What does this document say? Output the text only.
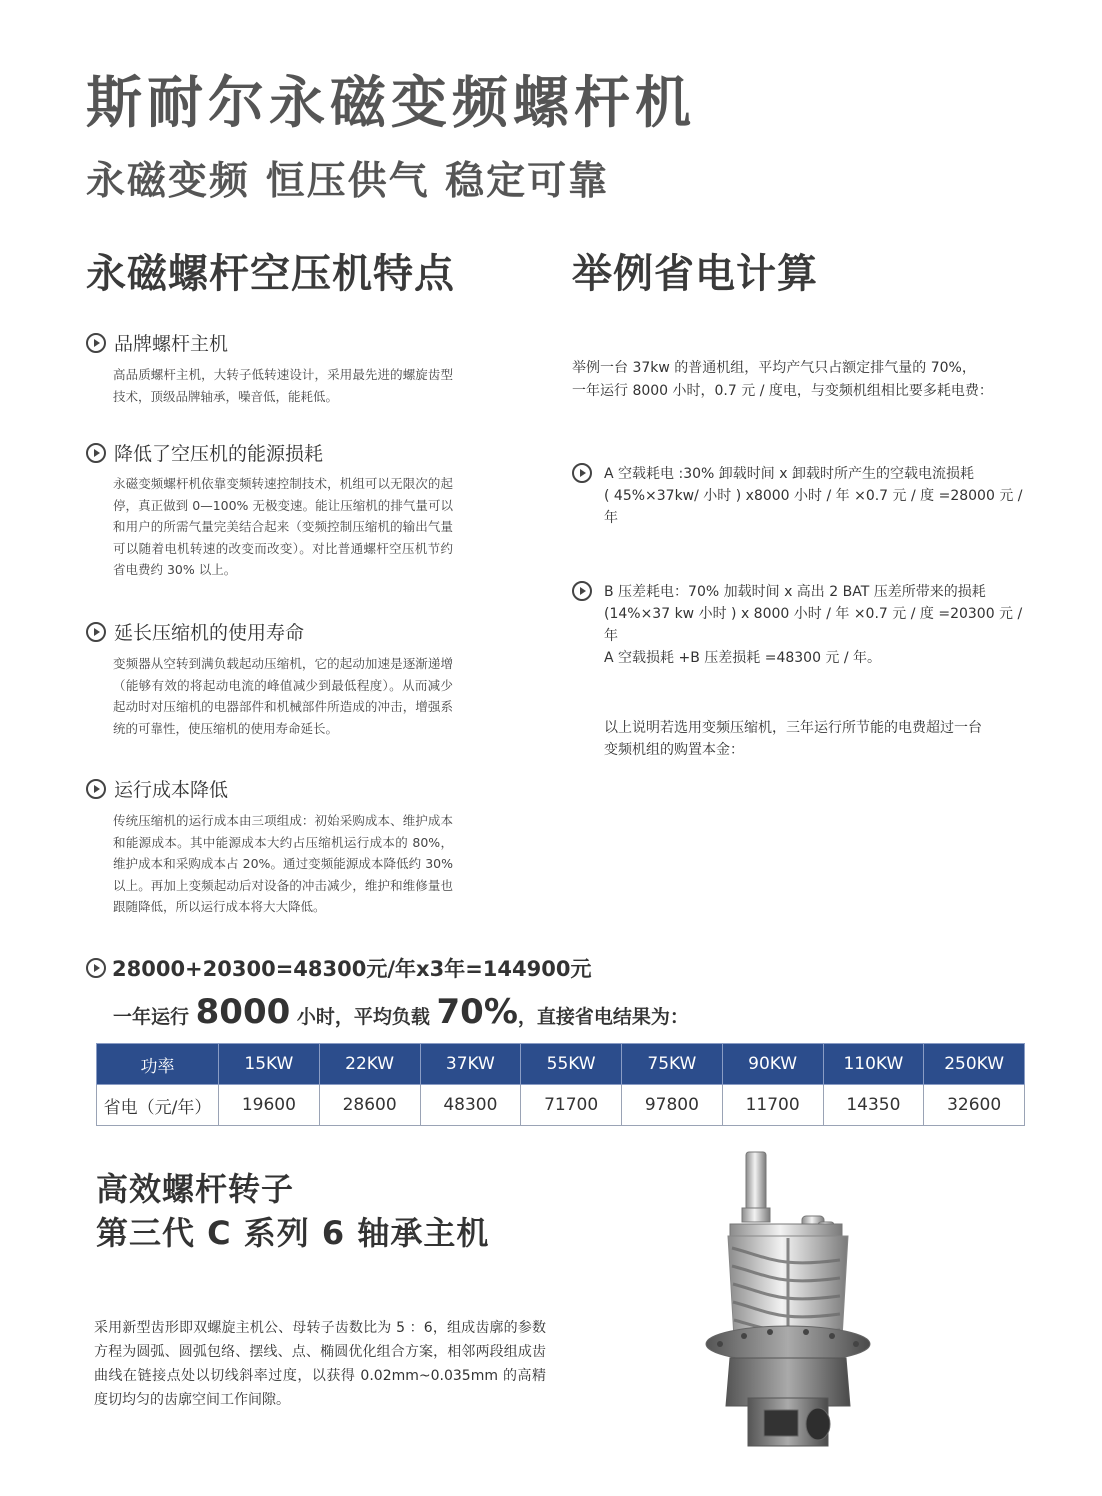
斯耐尔永磁变频螺杆机
永磁变频 恒压供气 稳定可靠
永磁螺杆空压机特点
品牌螺杆主机

高品质螺杆主机，大转子低转速设计，采用最先进的螺旋齿型技术，顶级品牌轴承，噪音低，能耗低。

降低了空压机的能源损耗

永磁变频螺杆机依靠变频转速控制技术，机组可以无限次的起停，真正做到 0—100% 无极变速。能让压缩机的排气量可以和用户的所需气量完美结合起来（变频控制压缩机的输出气量可以随着电机转速的改变而改变）。对比普通螺杆空压机节约省电费约 30% 以上。

延长压缩机的使用寿命

变频器从空转到满负载起动压缩机，它的起动加速是逐渐递增（能够有效的将起动电流的峰值减少到最低程度）。从而减少起动时对压缩机的电器部件和机械部件所造成的冲击，增强系统的可靠性，使压缩机的使用寿命延长。

运行成本降低

传统压缩机的运行成本由三项组成：初始采购成本、维护成本和能源成本。其中能源成本大约占压缩机运行成本的 80%，维护成本和采购成本占 20%。通过变频能源成本降低约 30% 以上。再加上变频起动后对设备的冲击减少，维护和维修量也跟随降低，所以运行成本将大大降低。

举例省电计算

举例一台 37kw 的普通机组，平均产气只占额定排气量的 70%，

一年运行 8000 小时，0.7 元 / 度电，与变频机组相比要多耗电费：

A 空载耗电 :30% 卸载时间 x 卸载时所产生的空载电流损耗
( 45%×37kw/ 小时 ) x8000 小时 / 年 ×0.7 元 / 度 =28000 元 / 年
B 压差耗电：70% 加载时间 x 高出 2 BAT 压差所带来的损耗
(14%×37 kw 小时 ) x 8000 小时 / 年 ×0.7 元 / 度 =20300 元 / 年
A 空载损耗 +B 压差损耗 =48300 元 / 年。
以上说明若选用变频压缩机，三年运行所节能的电费超过一台
变频机组的购置本金：
28000+20300=48300元/年x3年=144900元
一年运行 8000 小时，平均负载 70%，直接省电结果为：
功率	15KW	22KW	37KW	55KW	75KW	90KW	110KW	250KW
省电（元/年）	19600	28600	48300	71700	97800	11700	14350	32600
高效螺杆转子
第三代 C 系列 6 轴承主机

采用新型齿形即双螺旋主机公、母转子齿数比为 5 ：6，组成齿廓的参数方程为圆弧、圆弧包络、摆线、点、椭圆优化组合方案，相邻两段组成齿曲线在链接点处以切线斜率过度，以获得 0.02mm~0.035mm 的高精度切均匀的齿廓空间工作间隙。
